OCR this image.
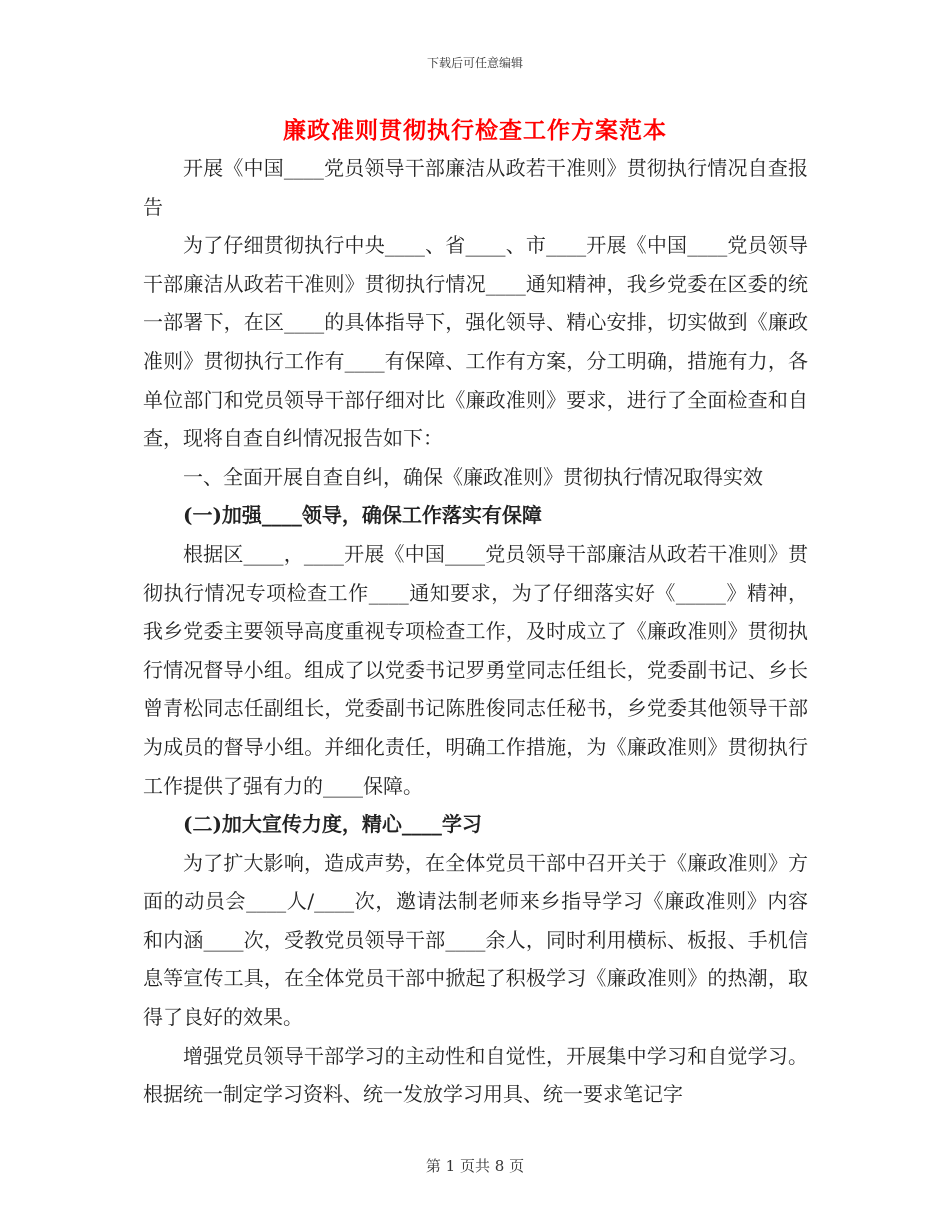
下载后可任意编辑
廉政准则贯彻执行检查工作方案范本

开展《中国____党员领导干部廉洁从政若干准则》贯彻执行情况自查报告

为了仔细贯彻执行中央____、省____、市____开展《中国____党员领导干部廉洁从政若干准则》贯彻执行情况____通知精神，我乡党委在区委的统一部署下，在区____的具体指导下，强化领导、精心安排，切实做到《廉政准则》贯彻执行工作有____有保障、工作有方案，分工明确，措施有力，各单位部门和党员领导干部仔细对比《廉政准则》要求，进行了全面检查和自查，现将自查自纠情况报告如下：

一、全面开展自查自纠，确保《廉政准则》贯彻执行情况取得实效

(一)加强____领导，确保工作落实有保障

根据区____，____开展《中国____党员领导干部廉洁从政若干准则》贯彻执行情况专项检查工作____通知要求，为了仔细落实好《_____》精神，我乡党委主要领导高度重视专项检查工作，及时成立了《廉政准则》贯彻执行情况督导小组。组成了以党委书记罗勇堂同志任组长，党委副书记、乡长曾青松同志任副组长，党委副书记陈胜俊同志任秘书，乡党委其他领导干部为成员的督导小组。并细化责任，明确工作措施，为《廉政准则》贯彻执行工作提供了强有力的____保障。

(二)加大宣传力度，精心____学习

为了扩大影响，造成声势，在全体党员干部中召开关于《廉政准则》方面的动员会____人/____次，邀请法制老师来乡指导学习《廉政准则》内容和内涵____次，受教党员领导干部____余人，同时利用横标、板报、手机信息等宣传工具，在全体党员干部中掀起了积极学习《廉政准则》的热潮，取得了良好的效果。

增强党员领导干部学习的主动性和自觉性，开展集中学习和自觉学习。根据统一制定学习资料、统一发放学习用具、统一要求笔记字

第 1 页共 8 页
